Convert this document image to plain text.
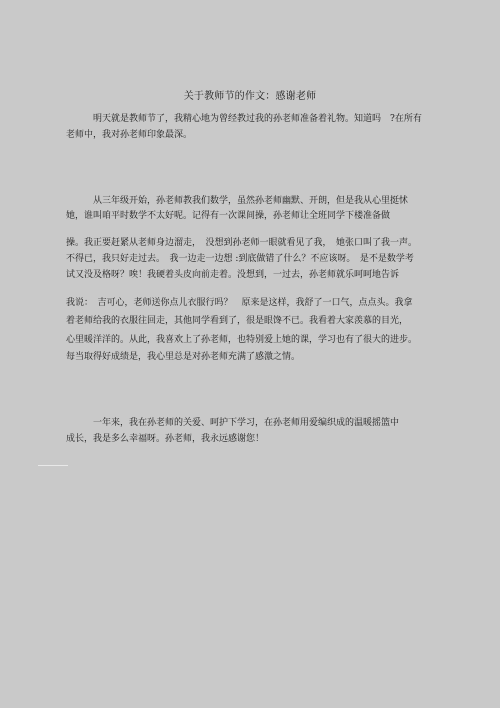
关于教师节的作文：感谢老师

明天就是教师节了，我精心地为曾经教过我的孙老师准备着礼物。知道吗　?在所有

老师中，我对孙老师印象最深。

从三年级开始，孙老师教我们数学，虽然孙老师幽默、开朗，但是我从心里挺怵

她，谁叫咱平时数学不太好呢。记得有一次课间操，孙老师让全班同学下楼准备做

操。我正要赶紧从老师身边溜走，　没想到孙老师一眼就看见了我，　她张口叫了我一声。

不得已，我只好走过去。　我一边走一边想 :到底做错了什么？不应该呀。　是不是数学考

试又没及格呀？唉！我硬着头皮向前走着。没想到，一过去，孙老师就乐呵呵地告诉

我说：　吉可心，老师送你点儿衣服行吗？　原来是这样，我舒了一口气，点点头。我拿

着老师给我的衣服往回走，其他同学看到了，很是眼馋不已。我看着大家羡慕的目光，

心里暖洋洋的。从此，我喜欢上了孙老师，也特别爱上她的课，学习也有了很大的进步。

每当取得好成绩是，我心里总是对孙老师充满了感激之情。

一年来，我在孙老师的关爱、呵护下学习，在孙老师用爱编织成的温暖摇篮中

成长，我是多么幸福呀。孙老师，我永远感谢您！
